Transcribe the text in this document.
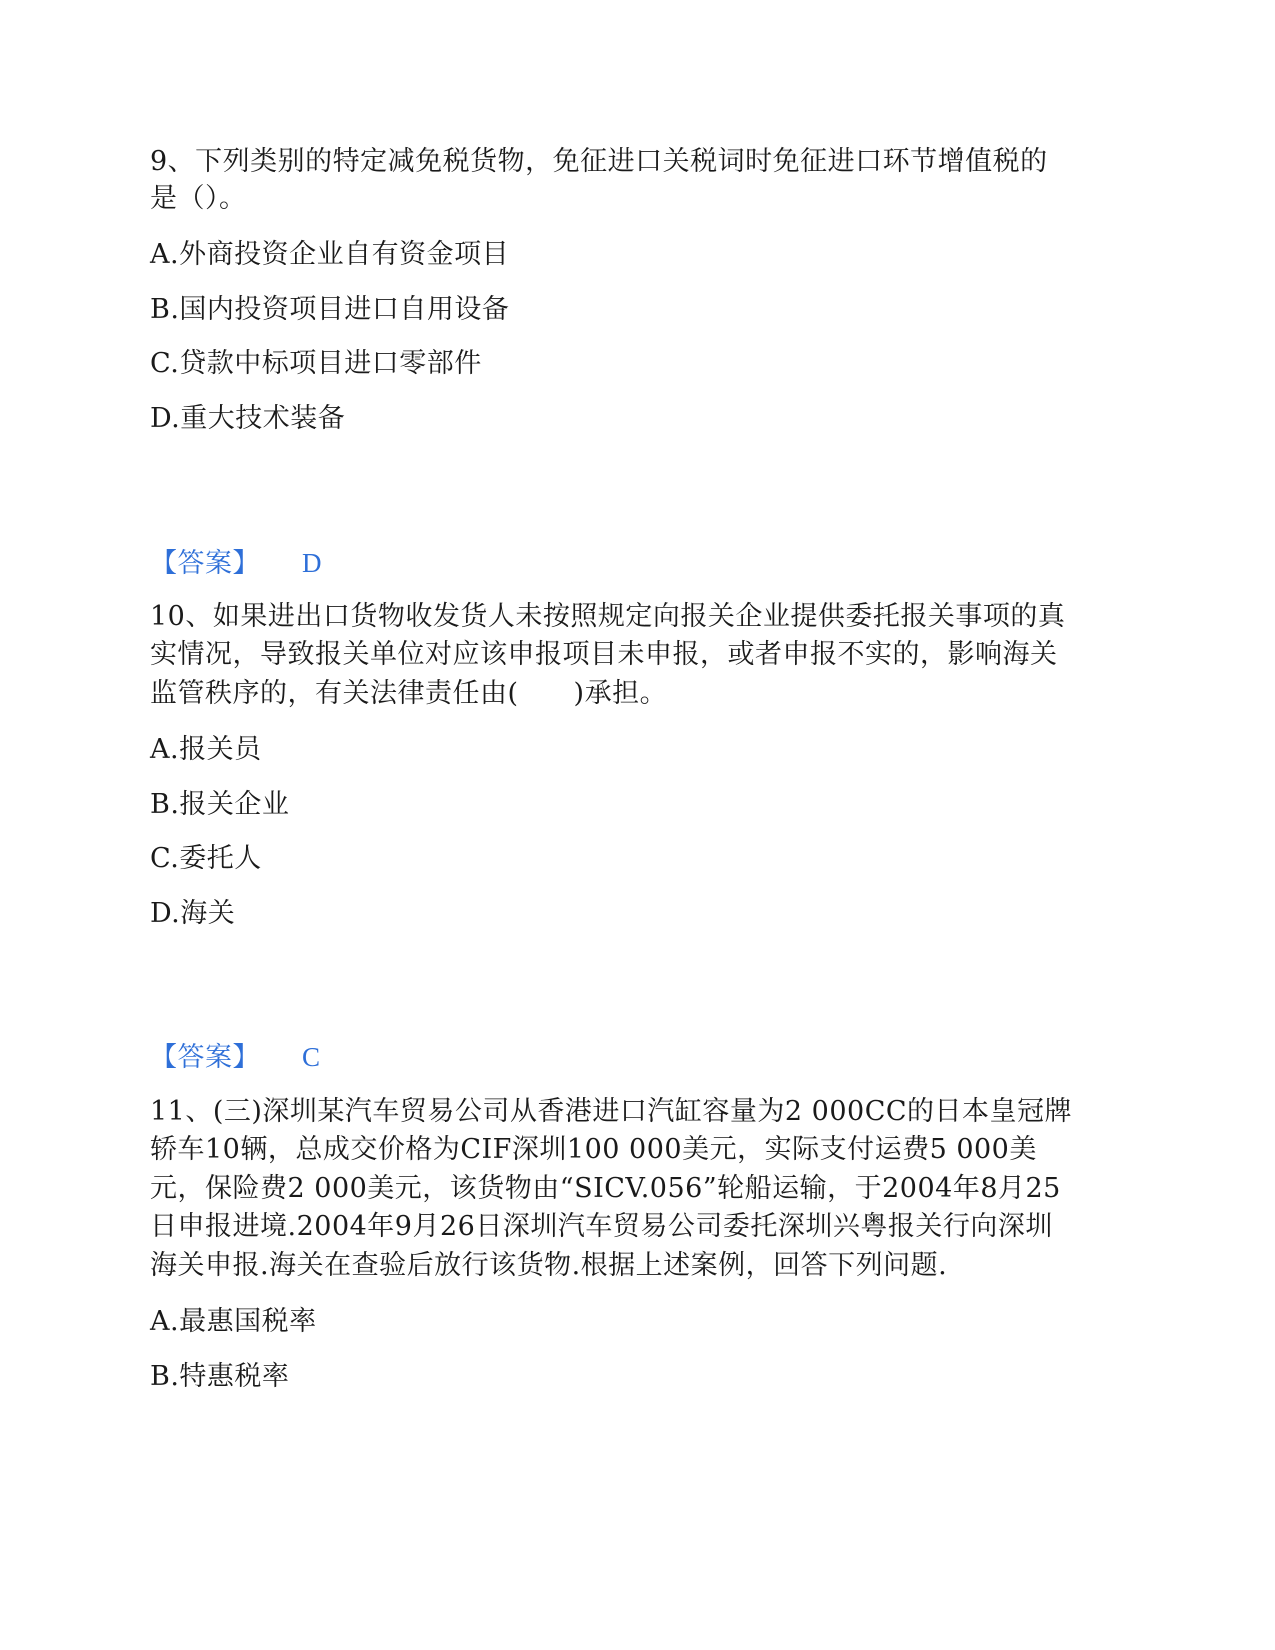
9、下列类别的特定减免税货物，免征进口关税词时免征进口环节增值税的
是（）。
A.外商投资企业自有资金项目
B.国内投资项目进口自用设备
C.贷款中标项目进口零部件
D.重大技术装备
【答案】 D
10、如果进出口货物收发货人未按照规定向报关企业提供委托报关事项的真
实情况，导致报关单位对应该申报项目未申报，或者申报不实的，影响海关
监管秩序的，有关法律责任由(　　)承担。
A.报关员
B.报关企业
C.委托人
D.海关
【答案】 C
11、(三)深圳某汽车贸易公司从香港进口汽缸容量为2 000CC的日本皇冠牌
轿车10辆，总成交价格为CIF深圳100 000美元，实际支付运费5 000美
元，保险费2 000美元，该货物由“SICV.056”轮船运输，于2004年8月25
日申报进境.2004年9月26日深圳汽车贸易公司委托深圳兴粤报关行向深圳
海关申报.海关在查验后放行该货物.根据上述案例，回答下列问题.
A.最惠国税率
B.特惠税率
